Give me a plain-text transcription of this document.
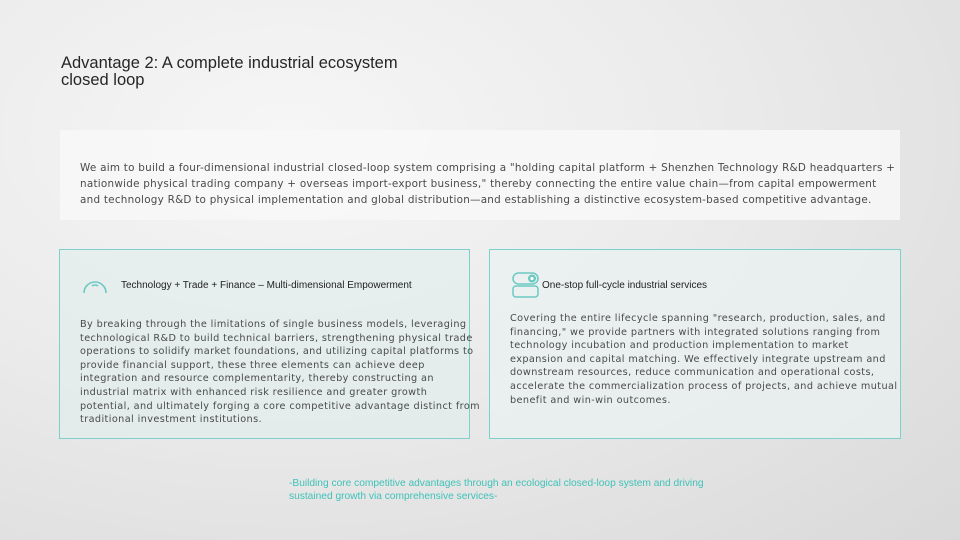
Advantage 2: A complete industrial ecosystem closed loop

We aim to build a four-dimensional industrial closed-loop system comprising a "holding capital platform + Shenzhen Technology R&D headquarters + nationwide physical trading company + overseas import-export business," thereby connecting the entire value chain—from capital empowerment and technology R&D to physical implementation and global distribution—and establishing a distinctive ecosystem-based competitive advantage.

Technology + Trade + Finance – Multi-dimensional Empowerment

By breaking through the limitations of single business models, leveraging technological R&D to build technical barriers, strengthening physical trade operations to solidify market foundations, and utilizing capital platforms to provide financial support, these three elements can achieve deep integration and resource complementarity, thereby constructing an industrial matrix with enhanced risk resilience and greater growth potential, and ultimately forging a core competitive advantage distinct from traditional investment institutions.

One-stop full-cycle industrial services

Covering the entire lifecycle spanning "research, production, sales, and financing," we provide partners with integrated solutions ranging from technology incubation and production implementation to market expansion and capital matching. We effectively integrate upstream and downstream resources, reduce communication and operational costs, accelerate the commercialization process of projects, and achieve mutual benefit and win-win outcomes.

-Building core competitive advantages through an ecological closed-loop system and driving sustained growth via comprehensive services-
